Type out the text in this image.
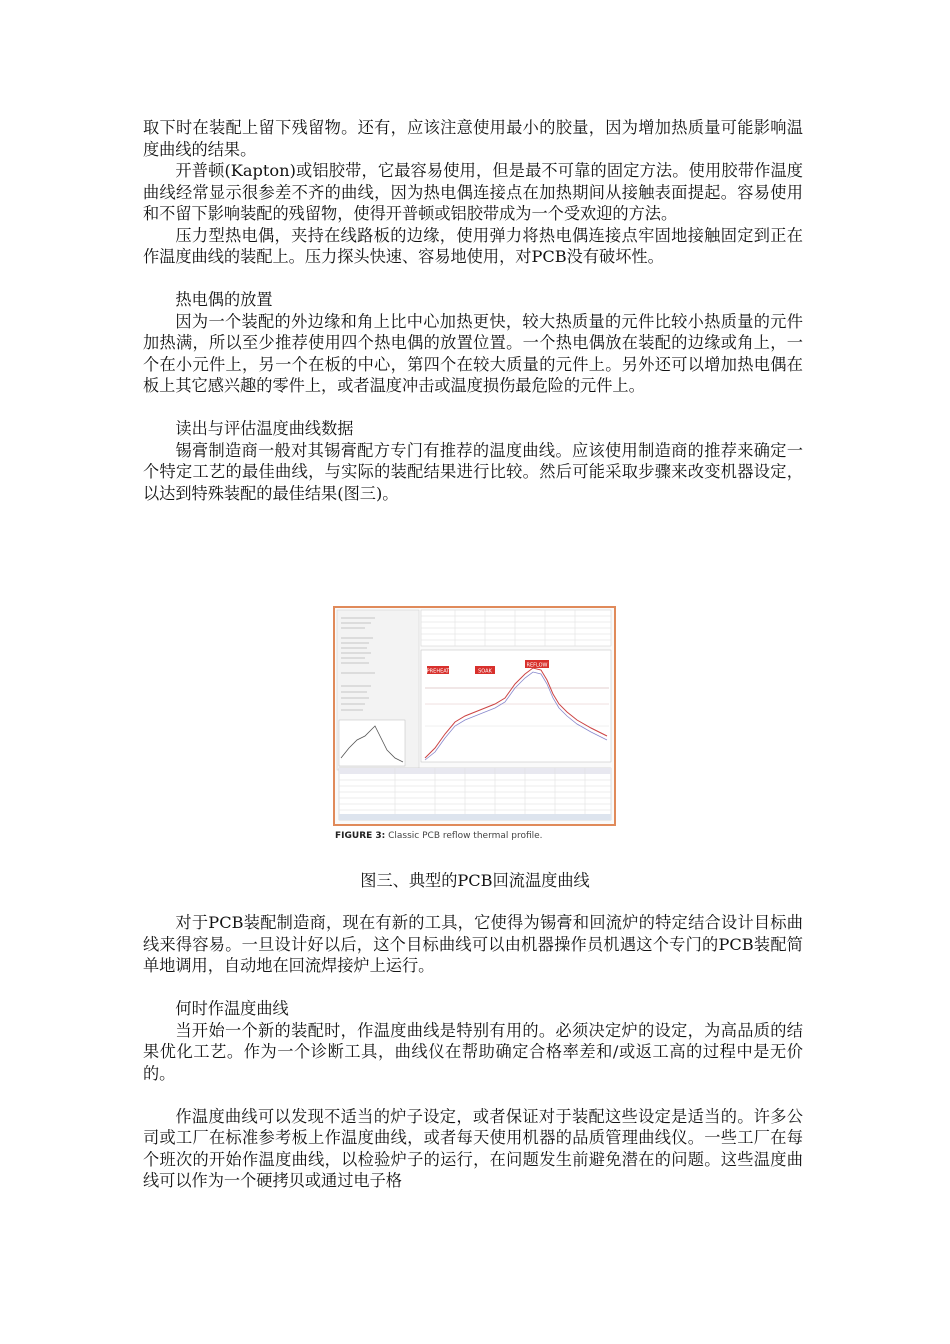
取下时在装配上留下残留物。还有，应该注意使用最小的胶量，因为增加热质量可能影响温度曲线的结果。

开普顿(Kapton)或铝胶带，它最容易使用，但是最不可靠的固定方法。使用胶带作温度曲线经常显示很参差不齐的曲线，因为热电偶连接点在加热期间从接触表面提起。容易使用和不留下影响装配的残留物，使得开普顿或铝胶带成为一个受欢迎的方法。

压力型热电偶，夹持在线路板的边缘，使用弹力将热电偶连接点牢固地接触固定到正在作温度曲线的装配上。压力探头快速、容易地使用，对PCB没有破坏性。

热电偶的放置

因为一个装配的外边缘和角上比中心加热更快，较大热质量的元件比较小热质量的元件加热满，所以至少推荐使用四个热电偶的放置位置。一个热电偶放在装配的边缘或角上，一个在小元件上，另一个在板的中心，第四个在较大质量的元件上。另外还可以增加热电偶在板上其它感兴趣的零件上，或者温度冲击或温度损伤最危险的元件上。

读出与评估温度曲线数据

锡膏制造商一般对其锡膏配方专门有推荐的温度曲线。应该使用制造商的推荐来确定一个特定工艺的最佳曲线，与实际的装配结果进行比较。然后可能采取步骤来改变机器设定，以达到特殊装配的最佳结果(图三)。

PREHEAT	SOAK
REFLOW
FIGURE 3: Classic PCB reflow thermal profile.
图三、典型的PCB回流温度曲线

对于PCB装配制造商，现在有新的工具，它使得为锡膏和回流炉的特定结合设计目标曲线来得容易。一旦设计好以后，这个目标曲线可以由机器操作员机遇这个专门的PCB装配简单地调用，自动地在回流焊接炉上运行。

何时作温度曲线

当开始一个新的装配时，作温度曲线是特别有用的。必须决定炉的设定，为高品质的结果优化工艺。作为一个诊断工具，曲线仪在帮助确定合格率差和/或返工高的过程中是无价的。

作温度曲线可以发现不适当的炉子设定，或者保证对于装配这些设定是适当的。许多公司或工厂在标准参考板上作温度曲线，或者每天使用机器的品质管理曲线仪。一些工厂在每个班次的开始作温度曲线，以检验炉子的运行，在问题发生前避免潜在的问题。这些温度曲线可以作为一个硬拷贝或通过电子格
